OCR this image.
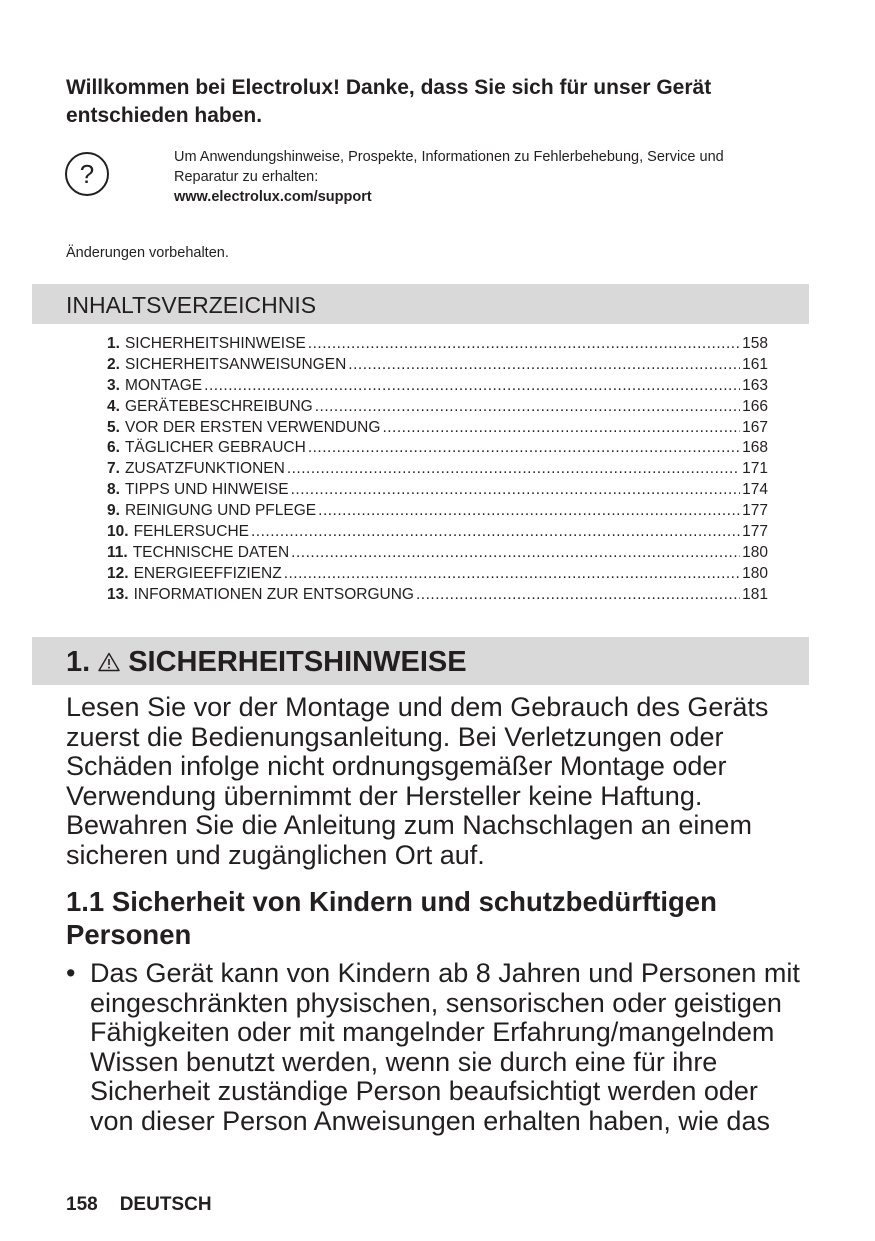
Willkommen bei Electrolux! Danke, dass Sie sich für unser Gerät
entschieden haben.
?
Um Anwendungshinweise, Prospekte, Informationen zu Fehlerbehebung, Service und
Reparatur zu erhalten:
www.electrolux.com/support
Änderungen vorbehalten.
INHALTSVERZEICHNIS
1. SICHERHEITSHINWEISE .....	158
2. SICHERHEITSANWEISUNGEN .....	161
3. MONTAGE .....	163
4. GERÄTEBESCHREIBUNG .....	166
5. VOR DER ERSTEN VERWENDUNG .....	167
6. TÄGLICHER GEBRAUCH .....	168
7. ZUSATZFUNKTIONEN .....	171
8. TIPPS UND HINWEISE .....	174
9. REINIGUNG UND PFLEGE .....	177
10. FEHLERSUCHE .....	177
11. TECHNISCHE DATEN .....	180
12. ENERGIEEFFIZIENZ .....	180
13. INFORMATIONEN ZUR ENTSORGUNG .....	181
1. SICHERHEITSHINWEISE
Lesen Sie vor der Montage und dem Gebrauch des Geräts
zuerst die Bedienungsanleitung. Bei Verletzungen oder
Schäden infolge nicht ordnungsgemäßer Montage oder
Verwendung übernimmt der Hersteller keine Haftung.
Bewahren Sie die Anleitung zum Nachschlagen an einem
sicheren und zugänglichen Ort auf.
1.1 Sicherheit von Kindern und schutzbedürftigen
Personen
• Das Gerät kann von Kindern ab 8 Jahren und Personen mit
eingeschränkten physischen, sensorischen oder geistigen
Fähigkeiten oder mit mangelnder Erfahrung/mangelndem
Wissen benutzt werden, wenn sie durch eine für ihre
Sicherheit zuständige Person beaufsichtigt werden oder
von dieser Person Anweisungen erhalten haben, wie das
158 DEUTSCH
